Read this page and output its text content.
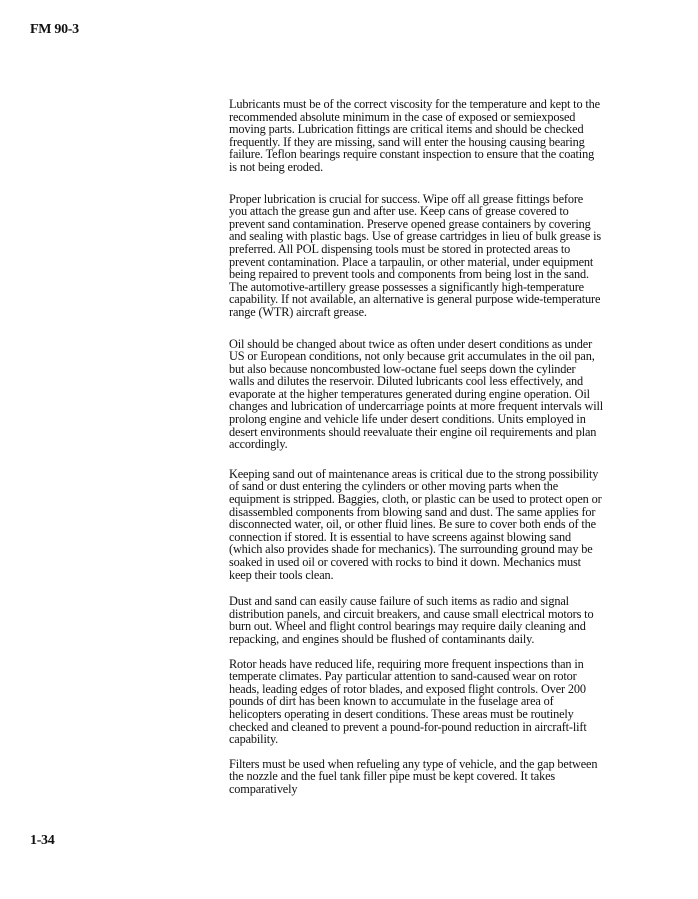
FM 90-3

Lubricants must be of the correct viscosity for the temperature and kept to the recommended absolute minimum in the case of exposed or semiexposed moving parts. Lubrication fittings are critical items and should be checked frequently. If they are missing, sand will enter the housing causing bearing failure. Teflon bearings require constant inspection to ensure that the coating is not being eroded.

Proper lubrication is crucial for success. Wipe off all grease fittings before you attach the grease gun and after use. Keep cans of grease covered to prevent sand contamination. Preserve opened grease containers by covering and sealing with plastic bags. Use of grease cartridges in lieu of bulk grease is preferred. All POL dispensing tools must be stored in protected areas to prevent contamination. Place a tarpaulin, or other material, under equipment being repaired to prevent tools and components from being lost in the sand. The automotive-artillery grease possesses a significantly high-temperature capability. If not available, an alternative is general purpose wide-temperature range (WTR) aircraft grease.

Oil should be changed about twice as often under desert conditions as under US or European conditions, not only because grit accumulates in the oil pan, but also because noncombusted low-octane fuel seeps down the cylinder walls and dilutes the reservoir. Diluted lubricants cool less effectively, and evaporate at the higher temperatures generated during engine operation. Oil changes and lubrication of undercarriage points at more frequent intervals will prolong engine and vehicle life under desert conditions. Units employed in desert environments should reevaluate their engine oil requirements and plan accordingly.

Keeping sand out of maintenance areas is critical due to the strong possibility of sand or dust entering the cylinders or other moving parts when the equipment is stripped. Baggies, cloth, or plastic can be used to protect open or disassembled components from blowing sand and dust. The same applies for disconnected water, oil, or other fluid lines. Be sure to cover both ends of the connection if stored. It is essential to have screens against blowing sand (which also provides shade for mechanics). The surrounding ground may be soaked in used oil or covered with rocks to bind it down. Mechanics must keep their tools clean.

Dust and sand can easily cause failure of such items as radio and signal distribution panels, and circuit breakers, and cause small electrical motors to burn out. Wheel and flight control bearings may require daily cleaning and repacking, and engines should be flushed of contaminants daily.

Rotor heads have reduced life, requiring more frequent inspections than in temperate climates. Pay particular attention to sand-caused wear on rotor heads, leading edges of rotor blades, and exposed flight controls. Over 200 pounds of dirt has been known to accumulate in the fuselage area of helicopters operating in desert conditions. These areas must be routinely checked and cleaned to prevent a pound-for-pound reduction in aircraft-lift capability.

Filters must be used when refueling any type of vehicle, and the gap between the nozzle and the fuel tank filler pipe must be kept covered. It takes comparatively

1-34
